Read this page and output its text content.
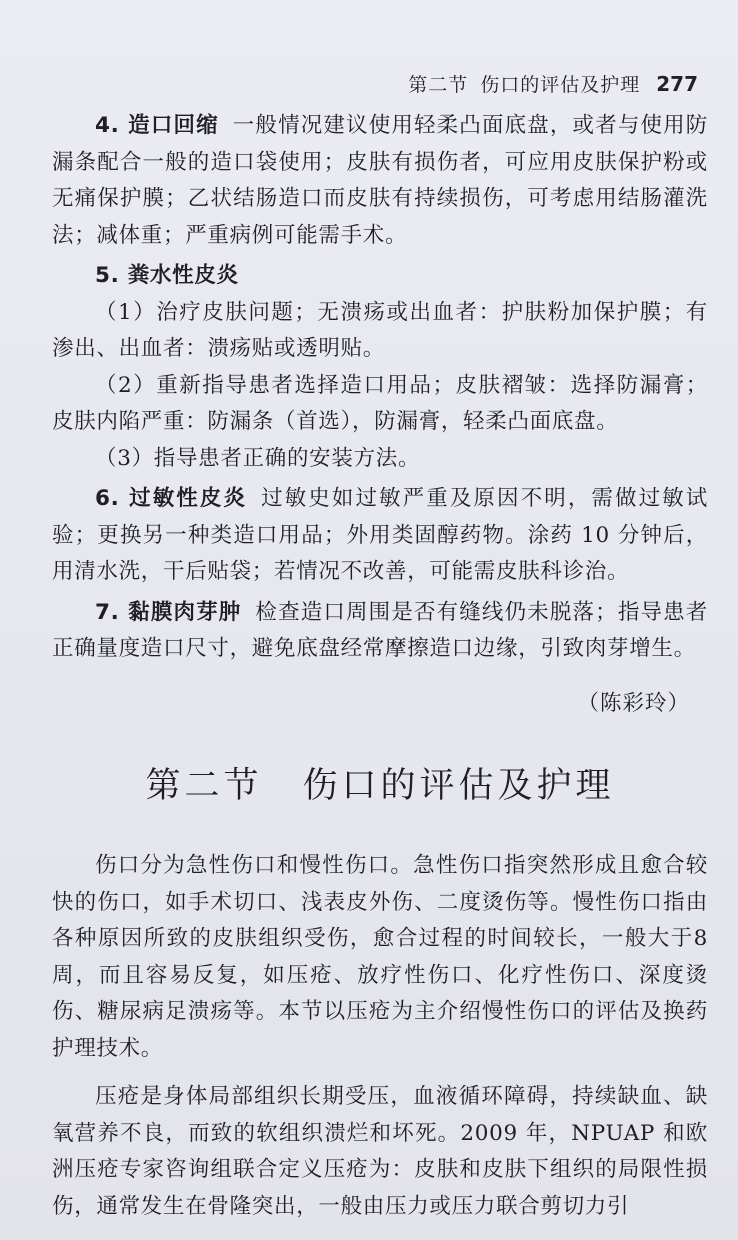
第二节 伤口的评估及护理 277

4. 造口回缩 一般情况建议使用轻柔凸面底盘，或者与使用防漏条配合一般的造口袋使用；皮肤有损伤者，可应用皮肤保护粉或无痛保护膜；乙状结肠造口而皮肤有持续损伤，可考虑用结肠灌洗法；减体重；严重病例可能需手术。

5. 粪水性皮炎

（1）治疗皮肤问题；无溃疡或出血者：护肤粉加保护膜；有渗出、出血者：溃疡贴或透明贴。

（2）重新指导患者选择造口用品；皮肤褶皱：选择防漏膏；皮肤内陷严重：防漏条（首选），防漏膏，轻柔凸面底盘。

（3）指导患者正确的安装方法。

6. 过敏性皮炎 过敏史如过敏严重及原因不明，需做过敏试验；更换另一种类造口用品；外用类固醇药物。涂药 10 分钟后，用清水洗，干后贴袋；若情况不改善，可能需皮肤科诊治。

7. 黏膜肉芽肿 检查造口周围是否有缝线仍未脱落；指导患者正确量度造口尺寸，避免底盘经常摩擦造口边缘，引致肉芽增生。

（陈彩玲）

第二节 伤口的评估及护理

伤口分为急性伤口和慢性伤口。急性伤口指突然形成且愈合较快的伤口，如手术切口、浅表皮外伤、二度烫伤等。慢性伤口指由各种原因所致的皮肤组织受伤，愈合过程的时间较长，一般大于8周，而且容易反复，如压疮、放疗性伤口、化疗性伤口、深度烫伤、糖尿病足溃疡等。本节以压疮为主介绍慢性伤口的评估及换药护理技术。

压疮是身体局部组织长期受压，血液循环障碍，持续缺血、缺氧营养不良，而致的软组织溃烂和坏死。2009 年，NPUAP 和欧洲压疮专家咨询组联合定义压疮为：皮肤和皮肤下组织的局限性损伤，通常发生在骨隆突出，一般由压力或压力联合剪切力引
